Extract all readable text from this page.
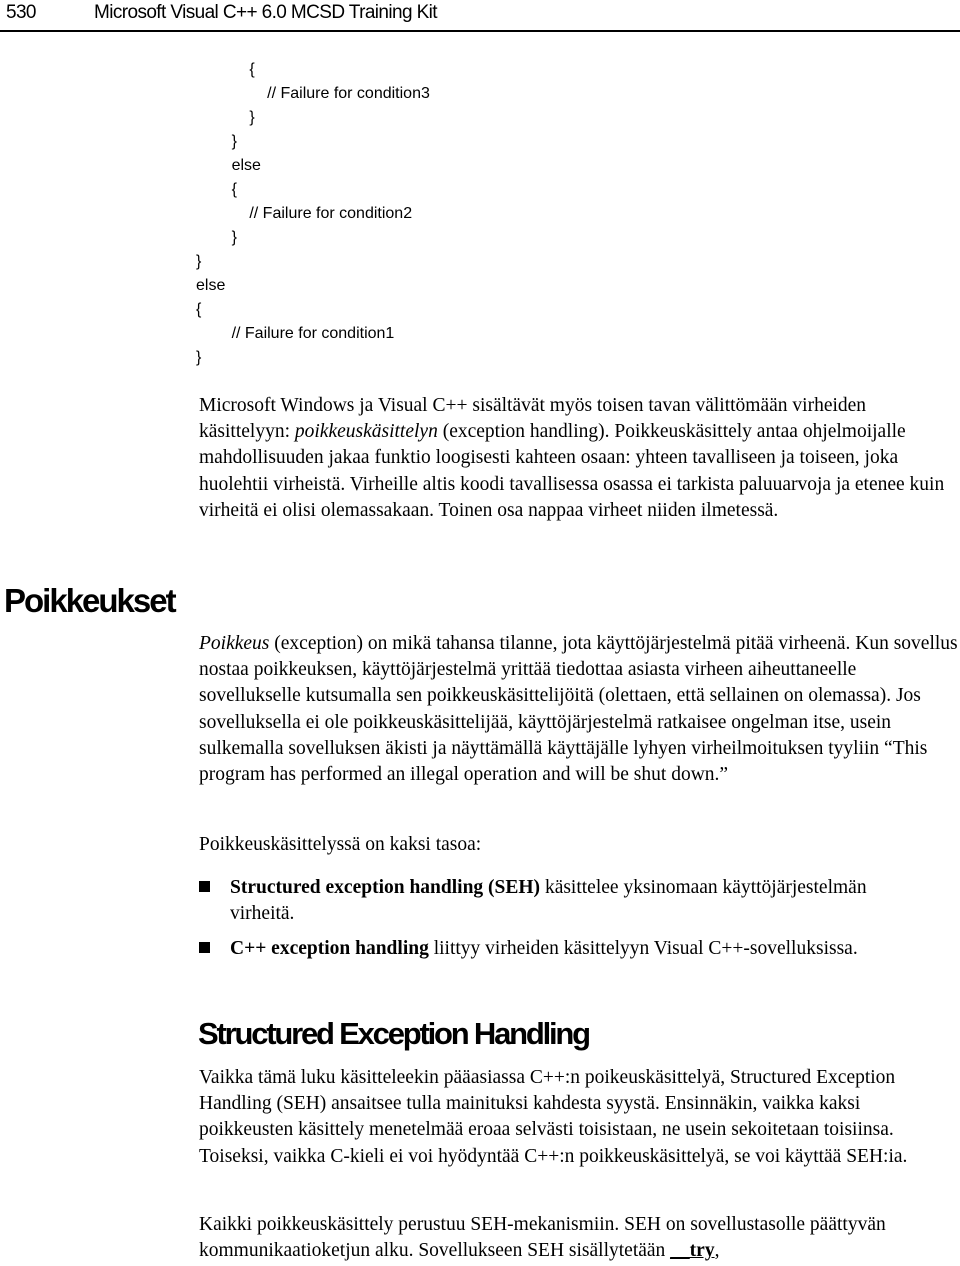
530	Microsoft Visual C++ 6.0 MCSD Training Kit
{
// Failure for condition3
}
}
else
{
// Failure for condition2
}
}
else
{
// Failure for condition1
}

Microsoft Windows ja Visual C++ sisältävät myös toisen tavan välittömään virheiden käsittelyyn: poikkeuskäsittelyn (exception handling). Poikkeuskäsittely antaa ohjelmoijalle mahdollisuuden jakaa funktio loogisesti kahteen osaan: yhteen tavalliseen ja toiseen, joka huolehtii virheistä. Virheille altis koodi tavallisessa osassa ei tarkista paluuarvoja ja etenee kuin virheitä ei olisi olemassakaan. Toinen osa nappaa virheet niiden ilmetessä.

Poikkeukset

Poikkeus (exception) on mikä tahansa tilanne, jota käyttöjärjestelmä pitää virheenä. Kun sovellus nostaa poikkeuksen, käyttöjärjestelmä yrittää tiedottaa asiasta virheen aiheuttaneelle sovellukselle kutsumalla sen poikkeuskäsittelijöitä (olettaen, että sellainen on olemassa). Jos sovelluksella ei ole poikkeuskäsittelijää, käyttöjärjestelmä ratkaisee ongelman itse, usein sulkemalla sovelluksen äkisti ja näyttämällä käyttäjälle lyhyen virheilmoituksen tyyliin “This program has performed an illegal operation and will be shut down.”

Poikkeuskäsittelyssä on kaksi tasoa:

Structured exception handling (SEH) käsittelee yksinomaan käyttöjärjestelmän virheitä.
C++ exception handling liittyy virheiden käsittelyyn Visual C++-sovelluksissa.
Structured Exception Handling

Vaikka tämä luku käsitteleekin pääasiassa C++:n poikeuskäsittelyä, Structured Exception Handling (SEH) ansaitsee tulla mainituksi kahdesta syystä. Ensinnäkin, vaikka kaksi poikkeusten käsittely menetelmää eroaa selvästi toisistaan, ne usein sekoitetaan toisiinsa. Toiseksi, vaikka C-kieli ei voi hyödyntää C++:n poikkeuskäsittelyä, se voi käyttää SEH:ia.

Kaikki poikkeuskäsittely perustuu SEH-mekanismiin. SEH on sovellustasolle päättyvän kommunikaatioketjun alku. Sovellukseen SEH sisällytetään __try,
